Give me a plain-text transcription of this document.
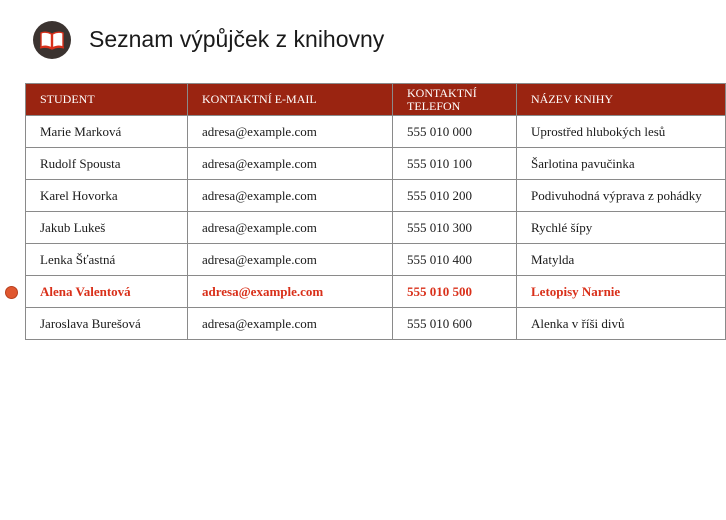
Seznam výpůjček z knihovny
STUDENT	KONTAKTNÍ E-MAIL	KONTAKTNÍ TELEFON	NÁZEV KNIHY
Marie Marková	adresa@example.com	555 010 000	Uprostřed hlubokých lesů
Rudolf Spousta	adresa@example.com	555 010 100	Šarlotina pavučinka
Karel Hovorka	adresa@example.com	555 010 200	Podivuhodná výprava z pohádky
Jakub Lukeš	adresa@example.com	555 010 300	Rychlé šípy
Lenka Šťastná	adresa@example.com	555 010 400	Matylda
Alena Valentová	adresa@example.com	555 010 500	Letopisy Narnie
Jaroslava Burešová	adresa@example.com	555 010 600	Alenka v říši divů
